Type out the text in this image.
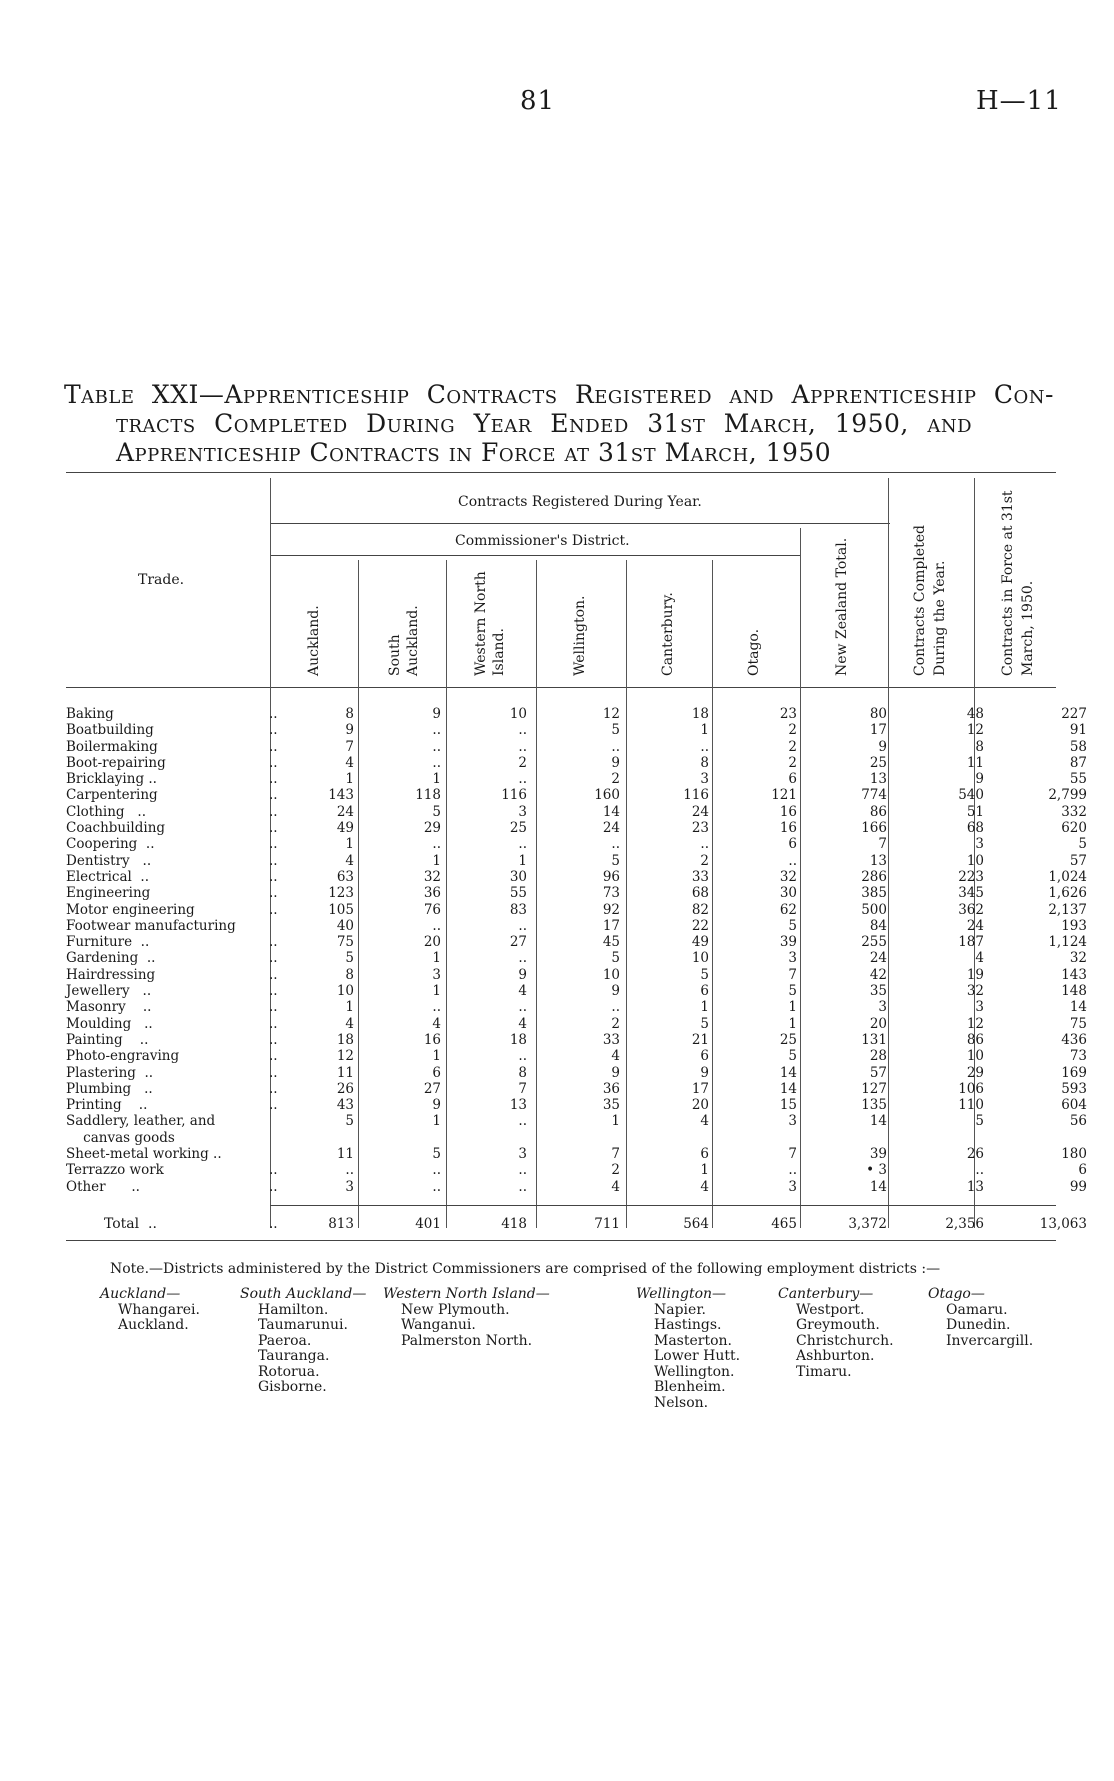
81	H—11
Table XXI—Apprenticeship Contracts Registered and Apprenticeship Con-
tracts Completed During Year Ended 31st March, 1950, and
Apprenticeship Contracts in Force at 31st March, 1950
Trade.
Contracts Registered During Year.
Commissioner's District.
Auckland.	South Auckland.	Western North Island.	Wellington.	Canterbury.	Otago.	New Zealand Total.	Contracts Completed During the Year.	Contracts in Force at 31st March, 1950.
Baking	..	8	9	10	12	18	23	80	48	227
Boatbuilding	..	9	..	..	5	1	2	17	12	91
Boilermaking	..	7	..	..	..	..	2	9	8	58
Boot-repairing	..	4	..	2	9	8	2	25	11	87
Bricklaying ..	..	1	1	..	2	3	6	13	9	55
Carpentering	..	143	118	116	160	116	121	774	540	2,799
Clothing   ..	..	24	5	3	14	24	16	86	51	332
Coachbuilding	..	49	29	25	24	23	16	166	68	620
Coopering  ..	..	1	..	..	..	..	6	7	3	5
Dentistry   ..	..	4	1	1	5	2	..	13	10	57
Electrical  ..	..	63	32	30	96	33	32	286	223	1,024
Engineering	..	123	36	55	73	68	30	385	345	1,626
Motor engineering	..	105	76	83	92	82	62	500	362	2,137
Footwear manufacturing		40	..	..	17	22	5	84	24	193
Furniture  ..	..	75	20	27	45	49	39	255	187	1,124
Gardening  ..	..	5	1	..	5	10	3	24	4	32
Hairdressing	..	8	3	9	10	5	7	42	19	143
Jewellery   ..	..	10	1	4	9	6	5	35	32	148
Masonry    ..	..	1	..	..	..	1	1	3	3	14
Moulding   ..	..	4	4	4	2	5	1	20	12	75
Painting    ..	..	18	16	18	33	21	25	131	86	436
Photo-engraving	..	12	1	..	4	6	5	28	10	73
Plastering  ..	..	11	6	8	9	9	14	57	29	169
Plumbing   ..	..	26	27	7	36	17	14	127	106	593
Printing    ..	..	43	9	13	35	20	15	135	110	604
Saddlery, leather, and		5	1	..	1	4	3	14	5	56
canvas goods										
Sheet-metal working ..		11	5	3	7	6	7	39	26	180
Terrazzo work	..	..	..	..	2	1	..	• 3	..	6
Other      ..	..	3	..	..	4	4	3	14	13	99
Total  ..	..	813	401	418	711	564	465	3,372	2,356	13,063
Note.—Districts administered by the District Commissioners are comprised of the following employment districts :—
Auckland—
Whangarei.
Auckland.
South Auckland—
Hamilton.
Taumarunui.
Paeroa.
Tauranga.
Rotorua.
Gisborne.
Western North Island—
New Plymouth.
Wanganui.
Palmerston North.
Wellington—
Napier.
Hastings.
Masterton.
Lower Hutt.
Wellington.
Blenheim.
Nelson.
Canterbury—
Westport.
Greymouth.
Christchurch.
Ashburton.
Timaru.
Otago—
Oamaru.
Dunedin.
Invercargill.
